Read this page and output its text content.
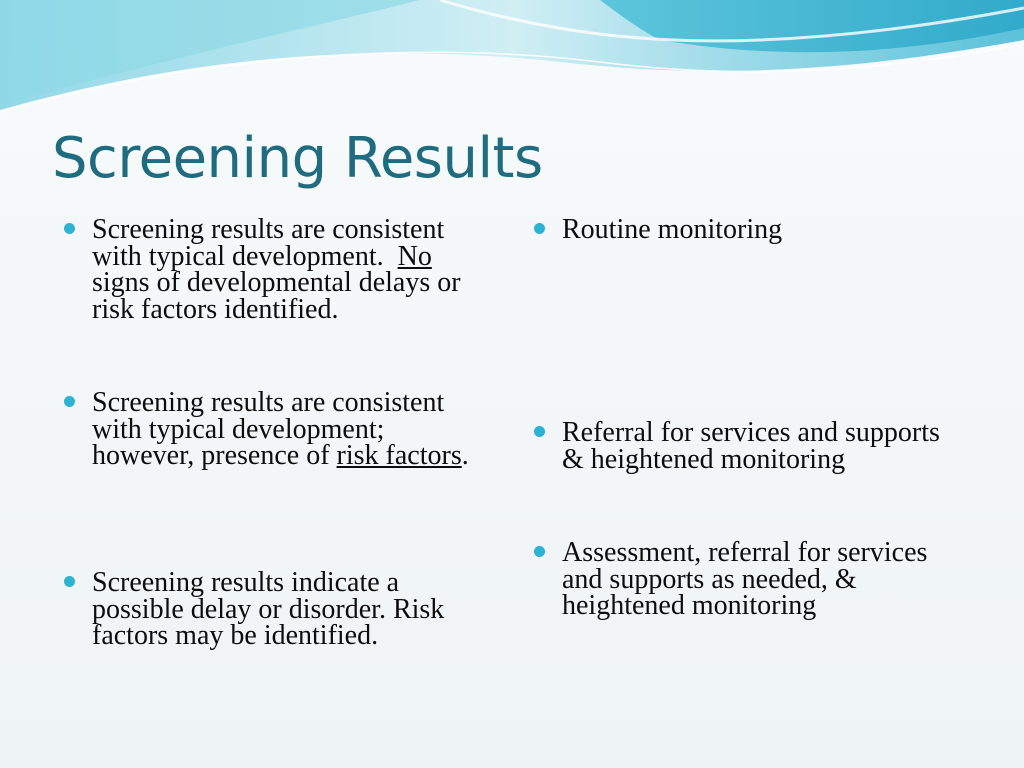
Screening Results
Screening results are consistent with typical development.  No signs of developmental delays or risk factors identified.
Screening results are consistent with typical development; however, presence of risk factors.
Screening results indicate a possible delay or disorder. Risk factors may be identified.
Routine monitoring
Referral for services and supports & heightened monitoring
Assessment, referral for services and supports as needed, & heightened monitoring
